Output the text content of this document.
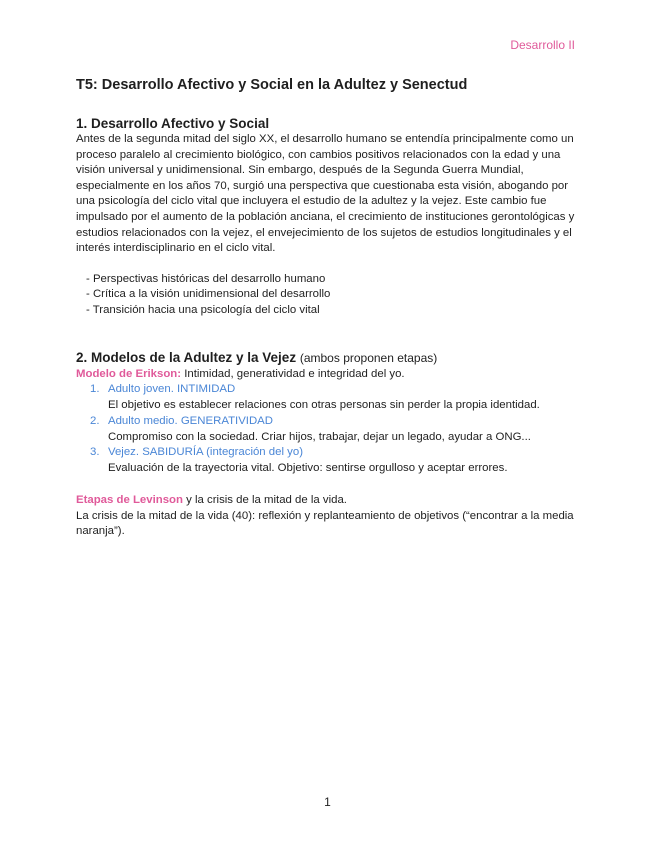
Desarrollo II
T5: Desarrollo Afectivo y Social en la Adultez y Senectud
1. Desarrollo Afectivo y Social

Antes de la segunda mitad del siglo XX, el desarrollo humano se entendía principalmente como un proceso paralelo al crecimiento biológico, con cambios positivos relacionados con la edad y una visión universal y unidimensional. Sin embargo, después de la Segunda Guerra Mundial, especialmente en los años 70, surgió una perspectiva que cuestionaba esta visión, abogando por una psicología del ciclo vital que incluyera el estudio de la adultez y la vejez. Este cambio fue impulsado por el aumento de la población anciana, el crecimiento de instituciones gerontológicas y estudios relacionados con la vejez, el envejecimiento de los sujetos de estudios longitudinales y el interés interdisciplinario en el ciclo vital.

- Perspectivas históricas del desarrollo humano
- Crítica a la visión unidimensional del desarrollo
- Transición hacia una psicología del ciclo vital
2. Modelos de la Adultez y la Vejez (ambos proponen etapas)

Modelo de Erikson: Intimidad, generatividad e integridad del yo.

1. Adulto joven. INTIMIDAD
El objetivo es establecer relaciones con otras personas sin perder la propia identidad.
2. Adulto medio. GENERATIVIDAD
Compromiso con la sociedad. Criar hijos, trabajar, dejar un legado, ayudar a ONG...
3. Vejez. SABIDURÍA (integración del yo)
Evaluación de la trayectoria vital. Objetivo: sentirse orgulloso y aceptar errores.

Etapas de Levinson y la crisis de la mitad de la vida.

La crisis de la mitad de la vida (40): reflexión y replanteamiento de objetivos (“encontrar a la media naranja”).

1
